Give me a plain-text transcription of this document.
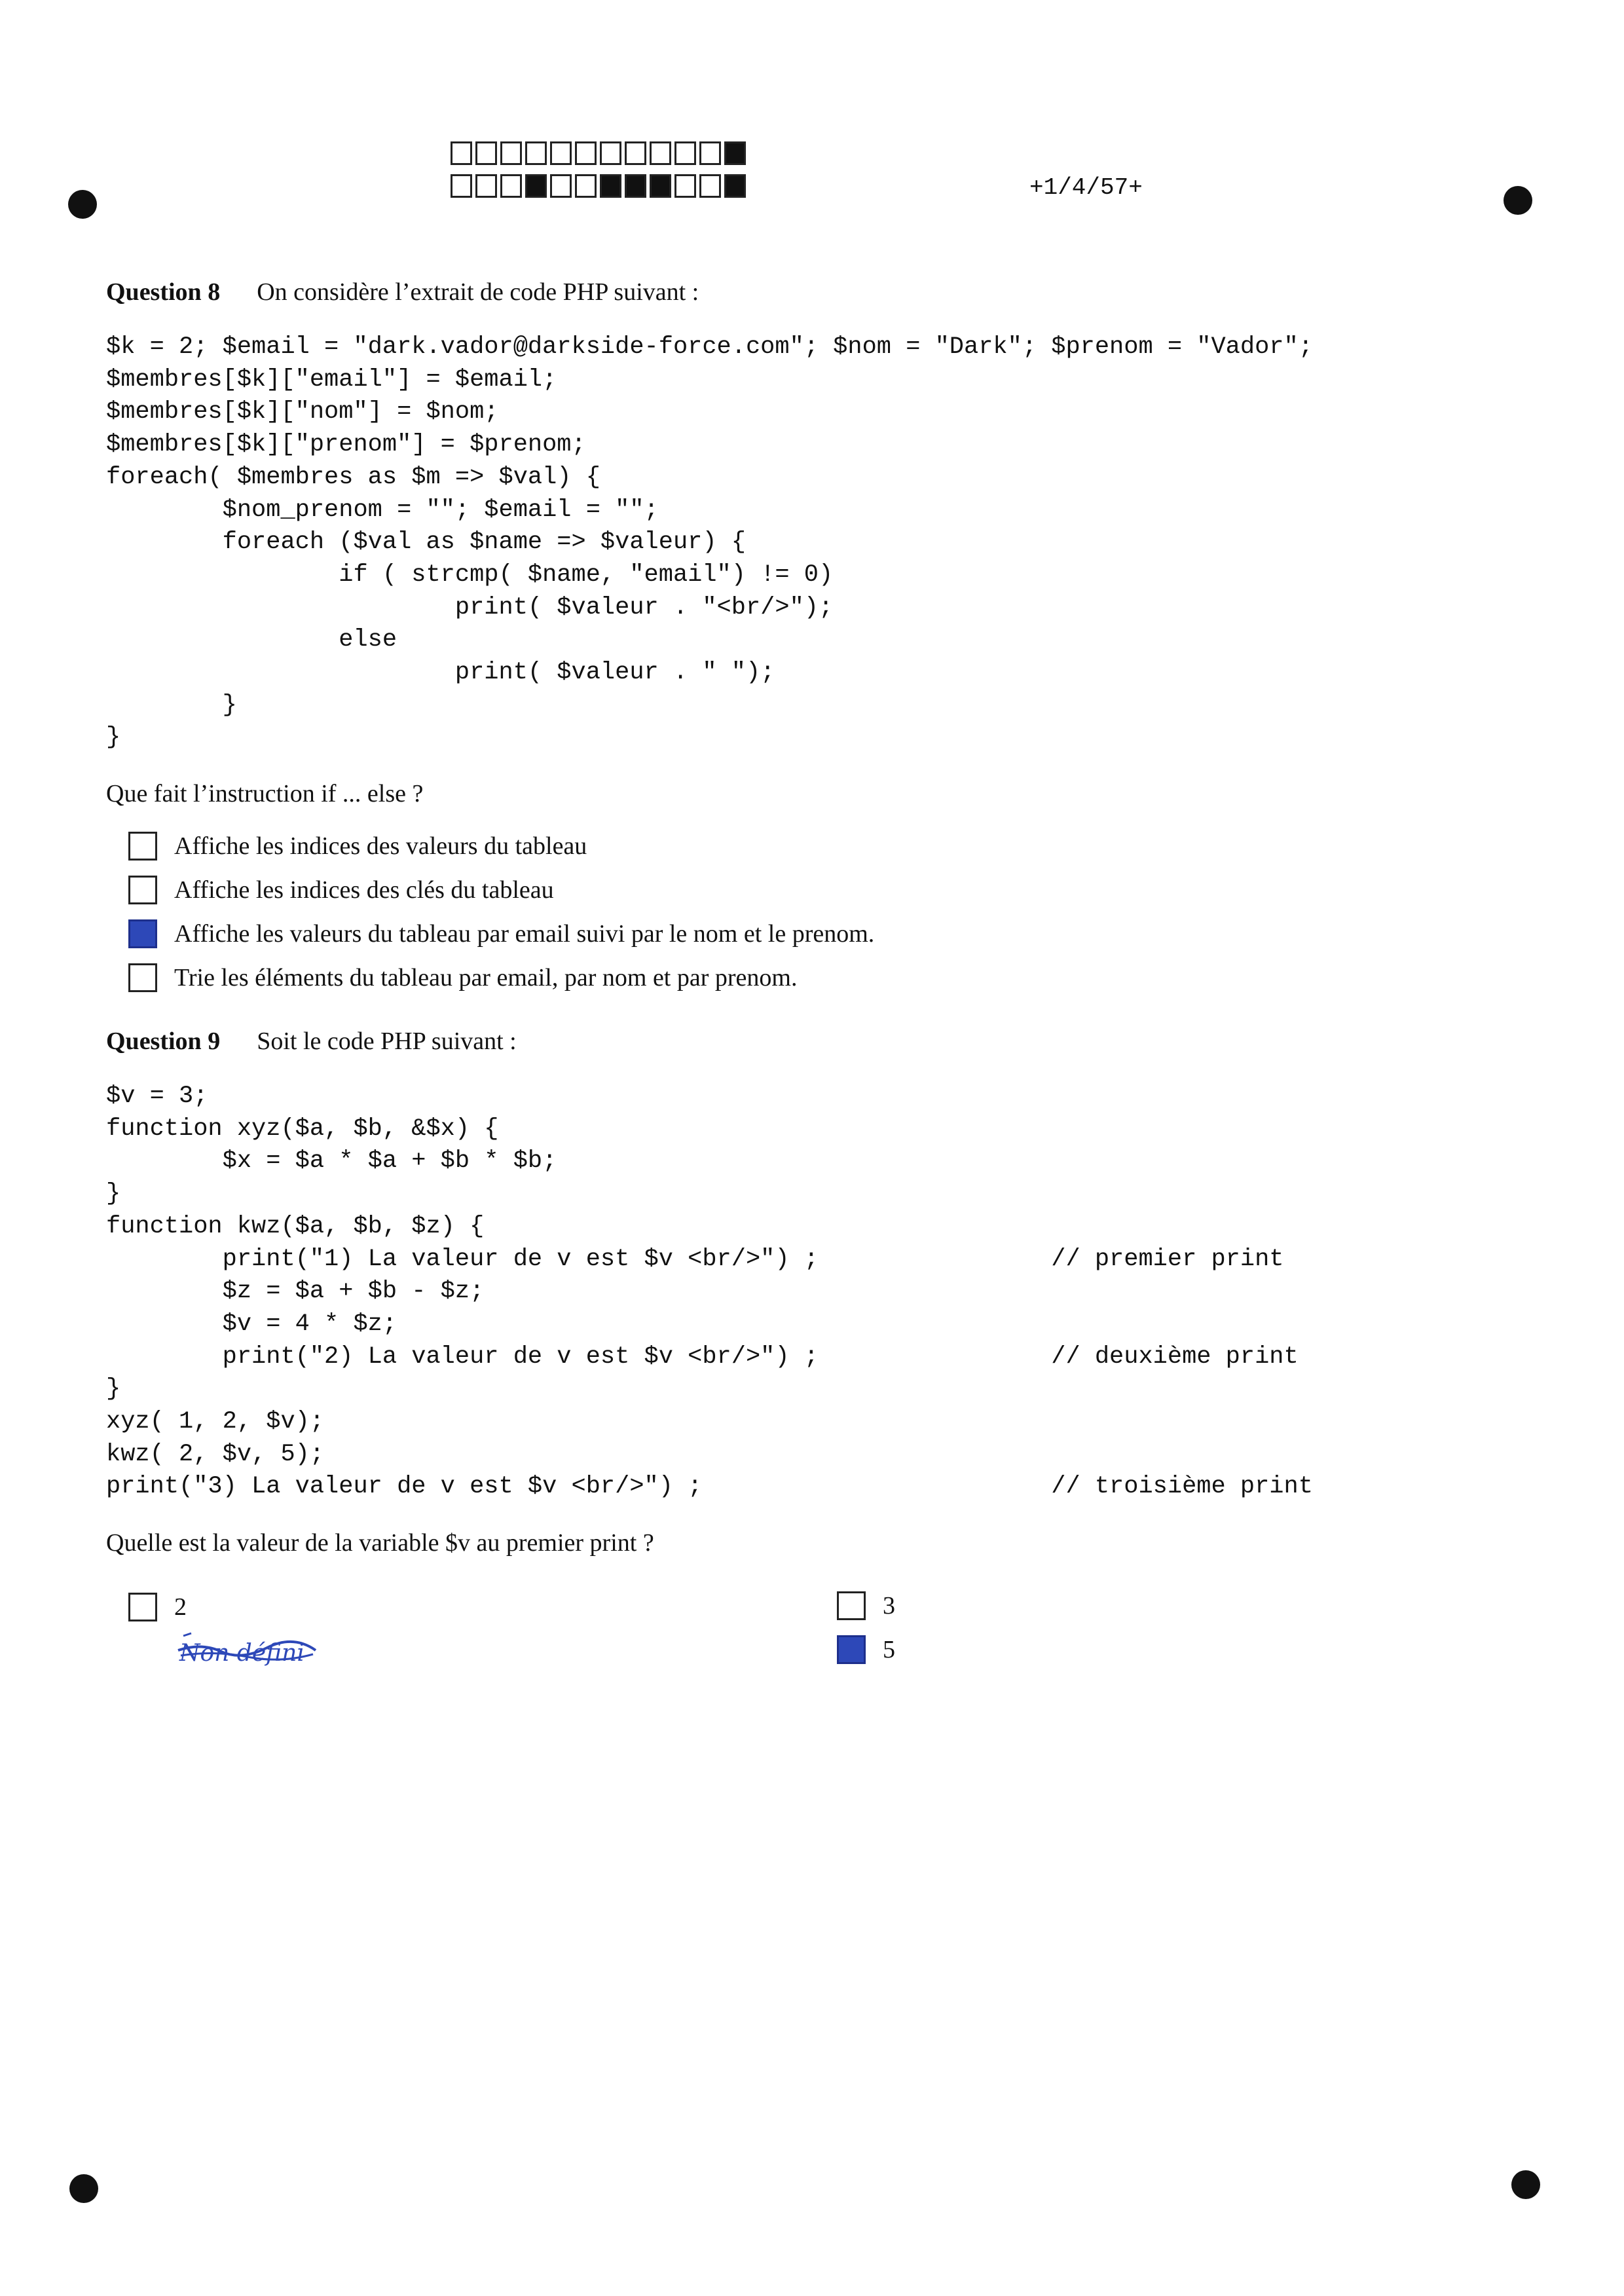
+1/4/57+
Question 8 On considère l’extrait de code PHP suivant :
$k = 2; $email = "dark.vador@darkside-force.com"; $nom = "Dark"; $prenom = "Vador";
$membres[$k]["email"] = $email;
$membres[$k]["nom"] = $nom;
$membres[$k]["prenom"] = $prenom;
foreach( $membres as $m => $val) {
$nom_prenom = ""; $email = "";
foreach ($val as $name => $valeur) {
if ( strcmp( $name, "email") != 0)
print( $valeur . "<br/>");
else
print( $valeur . " ");
}
}
Que fait l’instruction if ... else ?
Affiche les indices des valeurs du tableau
Affiche les indices des clés du tableau
Affiche les valeurs du tableau par email suivi par le nom et le prenom.
Trie les éléments du tableau par email, par nom et par prenom.
Question 9 Soit le code PHP suivant :
$v = 3;
function xyz($a, $b, &$x) {
$x = $a * $a + $b * $b;
}
function kwz($a, $b, $z) {
print("1) La valeur de v est $v <br/>") ;                // premier print
$z = $a + $b - $z;
$v = 4 * $z;
print("2) La valeur de v est $v <br/>") ;                // deuxième print
}
xyz( 1, 2, $v);
kwz( 2, $v, 5);
print("3) La valeur de v est $v <br/>") ;                        // troisième print
Quelle est la valeur de la variable $v au premier print ?
2	3
5
Non défini
